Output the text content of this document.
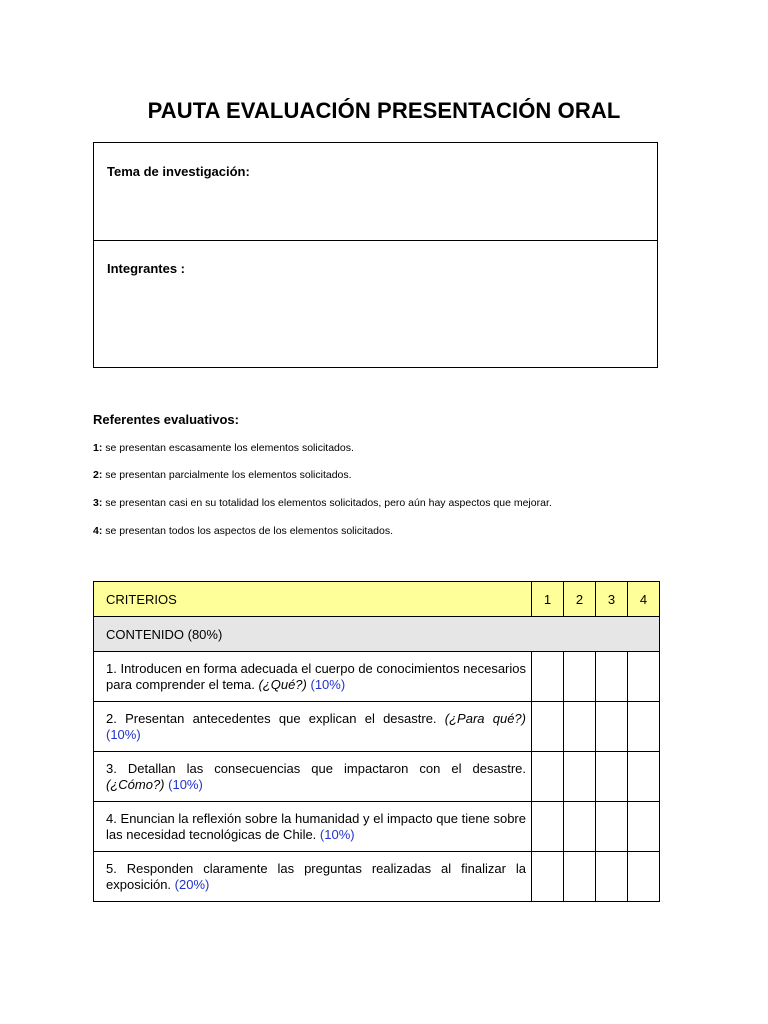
PAUTA EVALUACIÓN PRESENTACIÓN ORAL
Tema de investigación:
Integrantes :
Referentes evaluativos:
1: se presentan escasamente los elementos solicitados.
2: se presentan parcialmente los elementos solicitados.
3: se presentan casi en su totalidad los elementos solicitados, pero aún hay aspectos que mejorar.
4: se presentan todos los aspectos de los elementos solicitados.
CRITERIOS	1	2	3	4
CONTENIDO (80%)				
1. Introducen en forma adecuada el cuerpo de conocimientos necesarios para comprender el tema. (¿Qué?) (10%)				
2. Presentan antecedentes que explican el desastre. (¿Para qué?) (10%)				
3. Detallan las consecuencias que impactaron con el desastre. (¿Cómo?) (10%)				
4. Enuncian la reflexión sobre la humanidad y el impacto que tiene sobre las necesidad tecnológicas de Chile. (10%)				
5. Responden claramente las preguntas realizadas al finalizar la exposición. (20%)				
